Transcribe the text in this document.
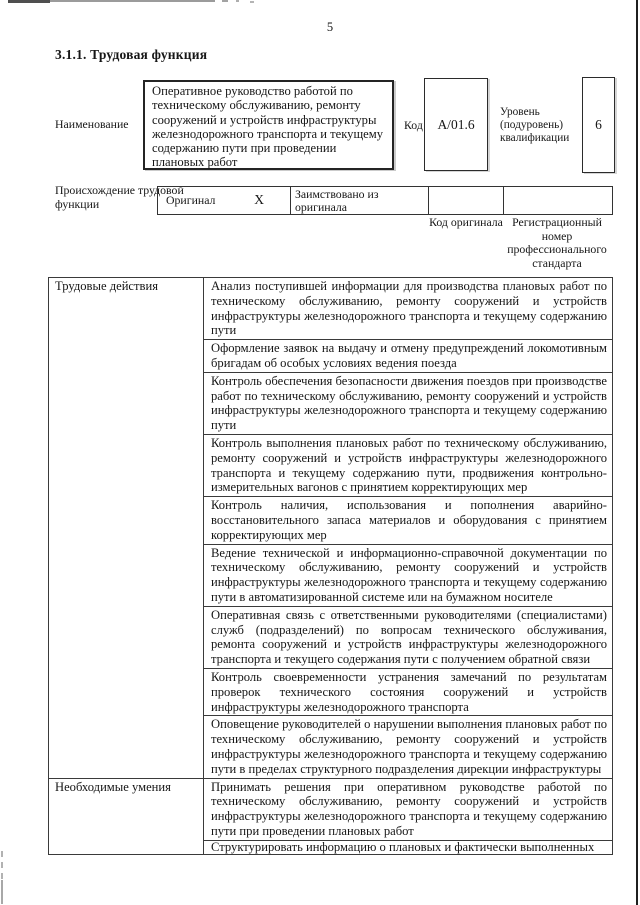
5
3.1.1. Трудовая функция
Наименование
Оперативное руководство работой по техническому обслуживанию, ремонту сооружений и устройств инфраструктуры железнодорожного транспорта и текущему содержанию пути при проведении плановых работ
Код	А/01.6
Уровень (подуровень) квалификации
6
Происхождение трудовой функции	Оригинал	X	Заимствовано из оригинала		
Код оригинала Регистрационный номер профессионального стандарта
Трудовые действия	Анализ поступившей информации для производства плановых работ по техническому обслуживанию, ремонту сооружений и устройств инфраструктуры железнодорожного транспорта и текущему содержанию пути
	Оформление заявок на выдачу и отмену предупреждений локомотивным бригадам об особых условиях ведения поезда
	Контроль обеспечения безопасности движения поездов при производстве работ по техническому обслуживанию, ремонту сооружений и устройств инфраструктуры железнодорожного транспорта и текущему содержанию пути
	Контроль выполнения плановых работ по техническому обслуживанию, ремонту сооружений и устройств инфраструктуры железнодорожного транспорта и текущему содержанию пути, продвижения контрольно-измерительных вагонов с принятием корректирующих мер
	Контроль наличия, использования и пополнения аварийно-восстановительного запаса материалов и оборудования с принятием корректирующих мер
	Ведение технической и информационно-справочной документации по техническому обслуживанию, ремонту сооружений и устройств инфраструктуры железнодорожного транспорта и текущему содержанию пути в автоматизированной системе или на бумажном носителе
	Оперативная связь с ответственными руководителями (специалистами) служб (подразделений) по вопросам технического обслуживания, ремонта сооружений и устройств инфраструктуры железнодорожного транспорта и текущего содержания пути с получением обратной связи
	Контроль своевременности устранения замечаний по результатам проверок технического состояния сооружений и устройств инфраструктуры железнодорожного транспорта
	Оповещение руководителей о нарушении выполнения плановых работ по техническому обслуживанию, ремонту сооружений и устройств инфраструктуры железнодорожного транспорта и текущему содержанию пути в пределах структурного подразделения дирекции инфраструктуры
Необходимые умения	Принимать решения при оперативном руководстве работой по техническому обслуживанию, ремонту сооружений и устройств инфраструктуры железнодорожного транспорта и текущему содержанию пути при проведении плановых работ
	Структурировать информацию о плановых и фактически выполненных
